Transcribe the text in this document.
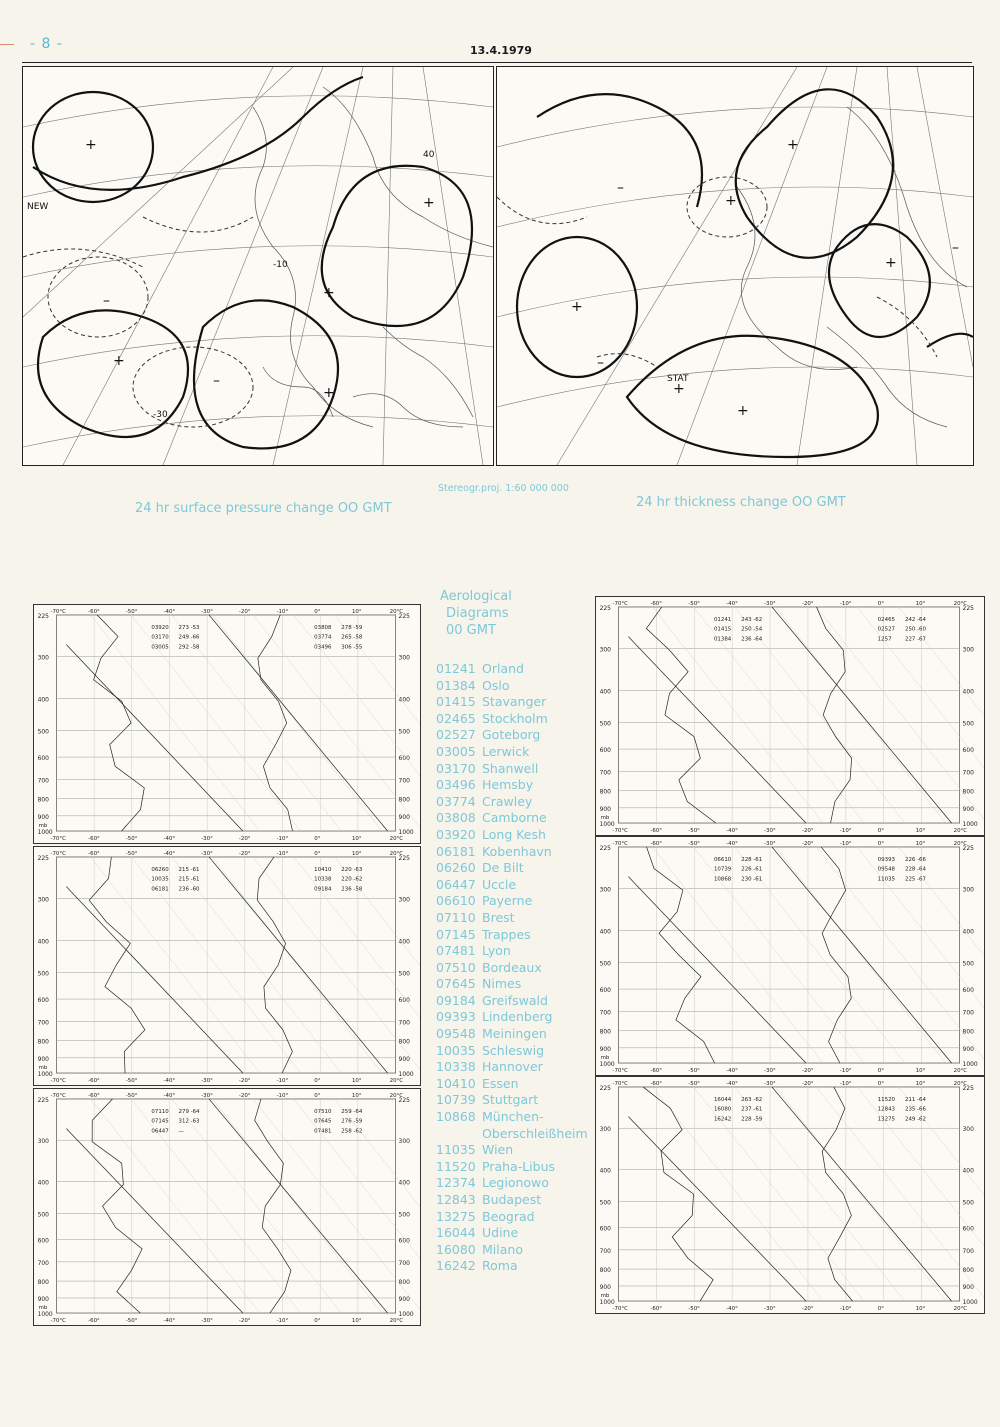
- 8 -	13.4.1979
+
+
+
+
+
–
–
NEW
-30
40
-10
+
+
+
+
+
+
–
–
–
STAT
Stereogr.proj. 1:60 000 000
24 hr surface pressure change OO GMT	24 hr thickness change OO GMT
225	225
300	300
400	400
500	500
600	600
700	700
800	800
900	900
1000	1000
-70°C
-70°C
-60°
-60°
-50°
-50°
-40°
-40°
-30°
-30°
-20°
-20°
-10°
-10°
0°
0°
10°
10°
20°C
20°C
03920 273 -53
03170 249 -66
03005 292 -58
03808 278 -59
03774 265 -58
03496 306 -55
mb
225	225
300	300
400	400
500	500
600	600
700	700
800	800
900	900
1000	1000
-70°C
-70°C
-60°
-60°
-50°
-50°
-40°
-40°
-30°
-30°
-20°
-20°
-10°
-10°
0°
0°
10°
10°
20°C
20°C
06260 215 -61
10035 215 -61
06181 236 -60
10410 220 -63
10338 220 -62
09184 236 -58
mb
225	225
300	300
400	400
500	500
600	600
700	700
800	800
900	900
1000	1000
-70°C
-70°C
-60°
-60°
-50°
-50°
-40°
-40°
-30°
-30°
-20°
-20°
-10°
-10°
0°
0°
10°
10°
20°C
20°C
07110 279 -64
07145 312 -63
06447 —
07510 259 -64
07645 276 -59
07481 258 -62
mb
225	225
300	300
400	400
500	500
600	600
700	700
800	800
900	900
1000	1000
-70°C
-70°C
-60°
-60°
-50°
-50°
-40°
-40°
-30°
-30°
-20°
-20°
-10°
-10°
0°
0°
10°
10°
20°C
20°C
01241 243 -62
01415 250 -54
01384 236 -64
02465 242 -64
02527 250 -60
1257 227 -67
mb
225	225
300	300
400	400
500	500
600	600
700	700
800	800
900	900
1000	1000
-70°C
-70°C
-60°
-60°
-50°
-50°
-40°
-40°
-30°
-30°
-20°
-20°
-10°
-10°
0°
0°
10°
10°
20°C
20°C
06610 228 -61
10739 226 -61
10868 230 -61
09393 226 -66
09548 228 -64
11035 225 -67
mb
225	225
300	300
400	400
500	500
600	600
700	700
800	800
900	900
1000	1000
-70°C
-70°C
-60°
-60°
-50°
-50°
-40°
-40°
-30°
-30°
-20°
-20°
-10°
-10°
0°
0°
10°
10°
20°C
20°C
16044 263 -62
16080 237 -61
16242 228 -59
11520 211 -64
12843 235 -66
13275 249 -62
mb
Aerological
Diagrams
00 GMT
01241 Orland
01384 Oslo
01415 Stavanger
02465 Stockholm
02527 Goteborg
03005 Lerwick
03170 Shanwell
03496 Hemsby
03774 Crawley
03808 Camborne
03920 Long Kesh
06181 Kobenhavn
06260 De Bilt
06447 Uccle
06610 Payerne
07110 Brest
07145 Trappes
07481 Lyon
07510 Bordeaux
07645 Nimes
09184 Greifswald
09393 Lindenberg
09548 Meiningen
10035 Schleswig
10338 Hannover
10410 Essen
10739 Stuttgart
10868 München-
Oberschleißheim
11035 Wien
11520 Praha-Libus
12374 Legionowo
12843 Budapest
13275 Beograd
16044 Udine
16080 Milano
16242 Roma
